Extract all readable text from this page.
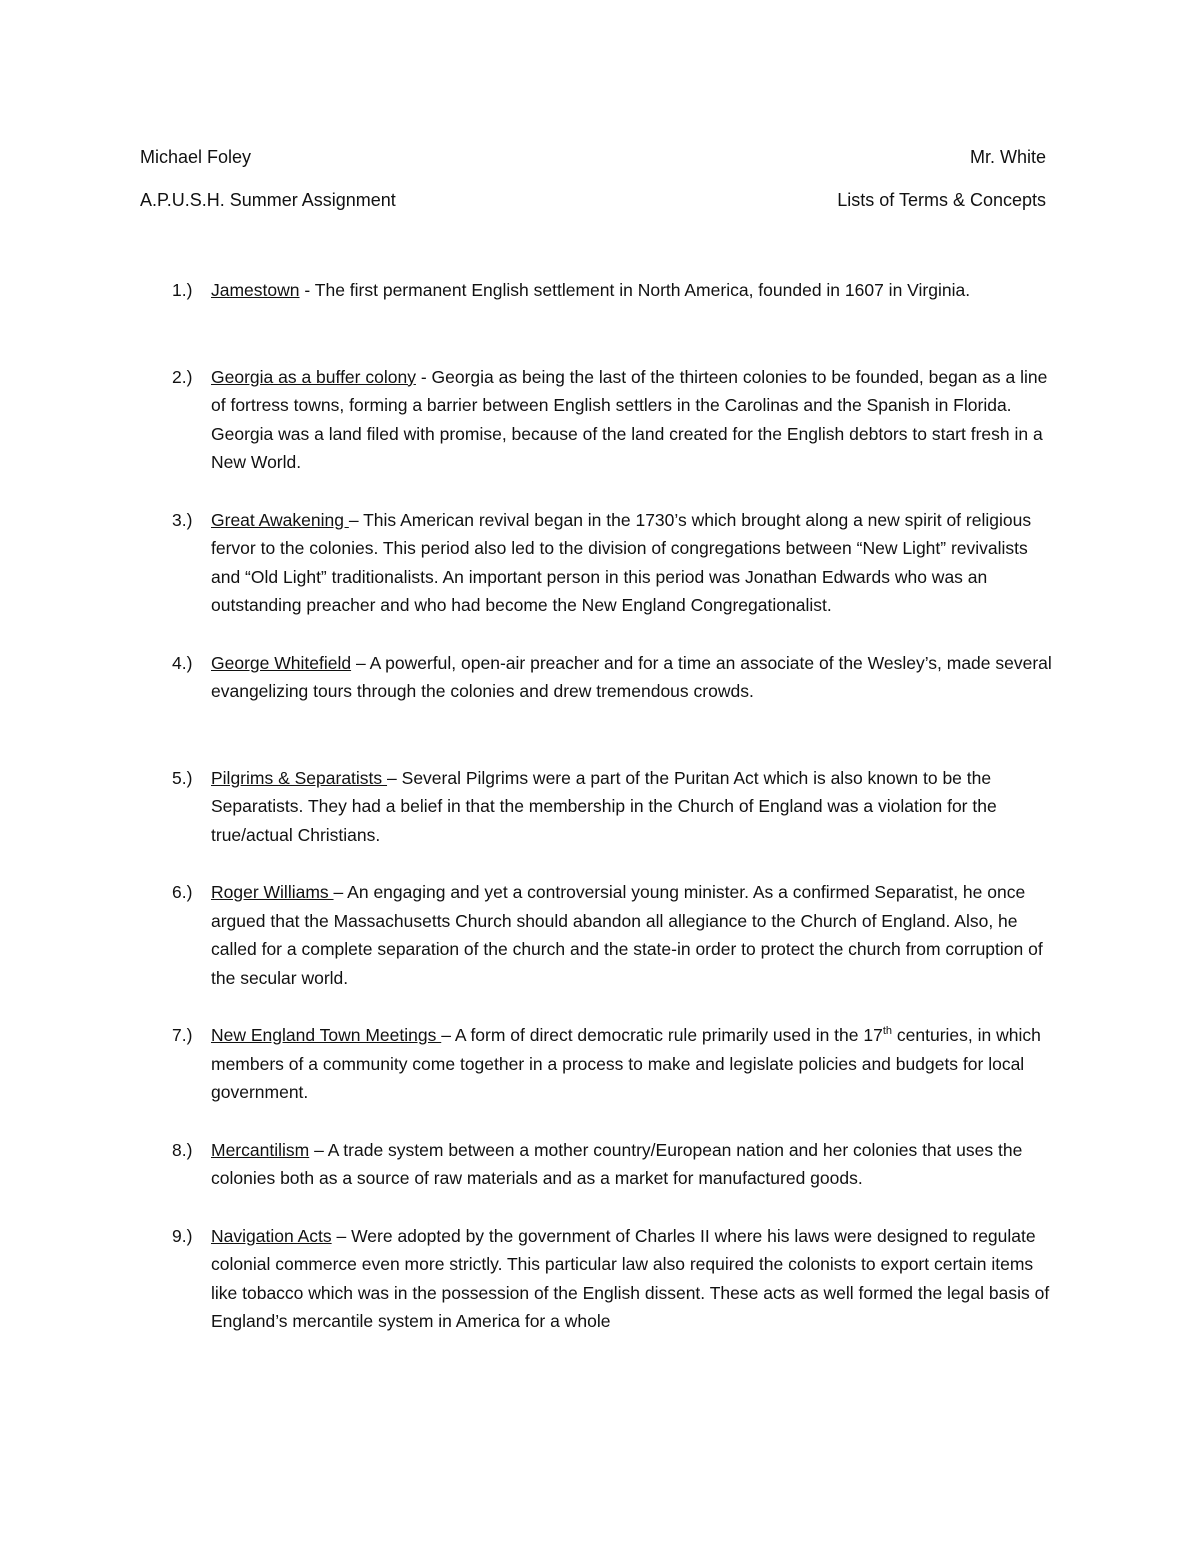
Michael Foley	Mr. White
A.P.U.S.H. Summer Assignment	Lists of Terms & Concepts
1.) Jamestown - The first permanent English settlement in North America, founded in 1607 in Virginia.
2.) Georgia as a buffer colony - Georgia as being the last of the thirteen colonies to be founded, began as a line of fortress towns, forming a barrier between English settlers in the Carolinas and the Spanish in Florida. Georgia was a land filed with promise, because of the land created for the English debtors to start fresh in a New World.
3.) Great Awakening – This American revival began in the 1730’s which brought along a new spirit of religious fervor to the colonies. This period also led to the division of congregations between “New Light” revivalists and “Old Light” traditionalists. An important person in this period was Jonathan Edwards who was an outstanding preacher and who had become the New England Congregationalist.
4.) George Whitefield – A powerful, open-air preacher and for a time an associate of the Wesley’s, made several evangelizing tours through the colonies and drew tremendous crowds.
5.) Pilgrims & Separatists – Several Pilgrims were a part of the Puritan Act which is also known to be the Separatists. They had a belief in that the membership in the Church of England was a violation for the true/actual Christians.
6.) Roger Williams – An engaging and yet a controversial young minister. As a confirmed Separatist, he once argued that the Massachusetts Church should abandon all allegiance to the Church of England. Also, he called for a complete separation of the church and the state-in order to protect the church from corruption of the secular world.
7.) New England Town Meetings – A form of direct democratic rule primarily used in the 17th centuries, in which members of a community come together in a process to make and legislate policies and budgets for local government.
8.) Mercantilism – A trade system between a mother country/European nation and her colonies that uses the colonies both as a source of raw materials and as a market for manufactured goods.
9.) Navigation Acts – Were adopted by the government of Charles II where his laws were designed to regulate colonial commerce even more strictly. This particular law also required the colonists to export certain items like tobacco which was in the possession of the English dissent. These acts as well formed the legal basis of England’s mercantile system in America for a whole
